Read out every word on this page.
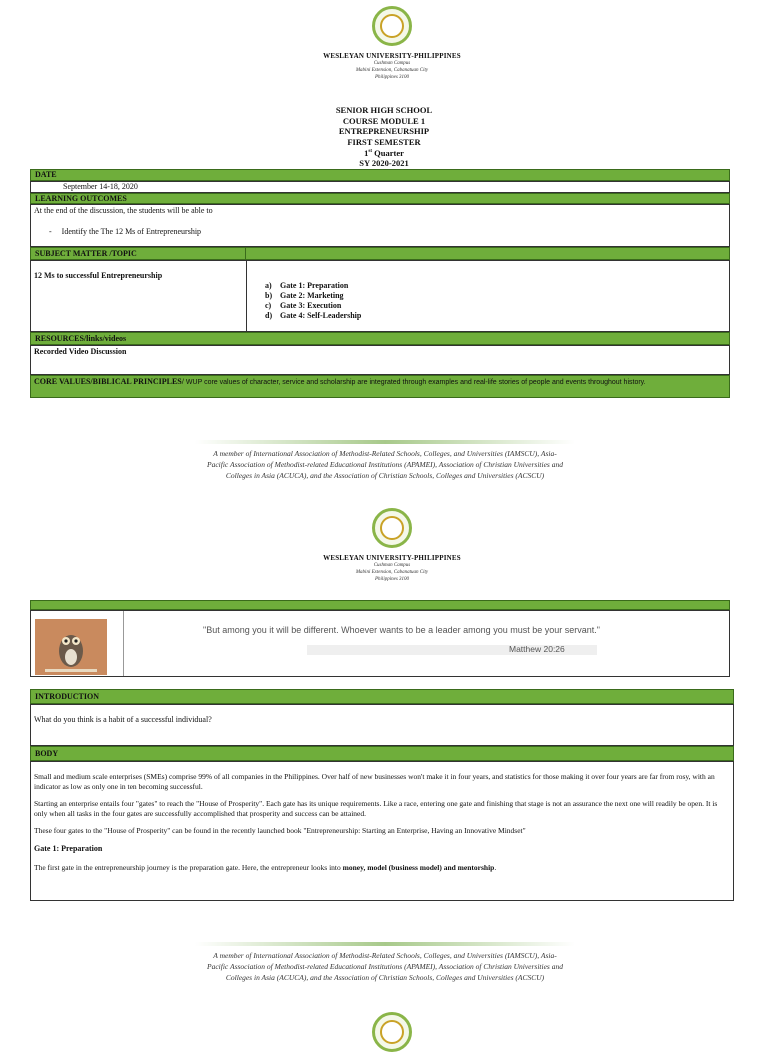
WESLEYAN UNIVERSITY-PHILIPPINES
Cushman Campus
Mabini Extension, Cabanatuan City
Philippines 3100
SENIOR HIGH SCHOOL
COURSE MODULE 1
ENTREPRENEURSHIP
FIRST SEMESTER
1st Quarter
SY 2020-2021
DATE
September 14-18, 2020
LEARNING OUTCOMES
At the end of the discussion, the students will be able to
- Identify the The 12 Ms of Entrepreneurship
SUBJECT MATTER /TOPIC
12 Ms to successful Entrepreneurship
a) Gate 1: Preparation
b) Gate 2: Marketing
c) Gate 3: Execution
d) Gate 4: Self-Leadership
RESOURCES/links/videos
Recorded Video Discussion
CORE VALUES/BIBLICAL PRINCIPLES/ WUP core values of character, service and scholarship are integrated through examples and real-life stories of people and events throughout history.
A member of International Association of Methodist-Related Schools, Colleges, and Universities (IAMSCU), Asia-
Pacific Association of Methodist-related Educational Institutions (APAMEI), Association of Christian Universities and
Colleges in Asia (ACUCA), and the Association of Christian Schools, Colleges and Universities (ACSCU)
WESLEYAN UNIVERSITY-PHILIPPINES
Cushman Campus
Mabini Extension, Cabanatuan City
Philippines 3100
"But among you it will be different. Whoever wants to be a leader among you must be your servant."
Matthew 20:26
INTRODUCTION
What do you think is a habit of a successful individual?
BODY
Small and medium scale enterprises (SMEs) comprise 99% of all companies in the Philippines. Over half of new businesses won't make it in four years, and statistics for those making it over four years are far from rosy, with an indicator as low as only one in ten becoming successful.
Starting an enterprise entails four "gates" to reach the "House of Prosperity". Each gate has its unique requirements. Like a race, entering one gate and finishing that stage is not an assurance the next one will readily be open. It is only when all tasks in the four gates are successfully accomplished that prosperity and success can be attained.
These four gates to the "House of Prosperity" can be found in the recently launched book "Entrepreneurship: Starting an Enterprise, Having an Innovative Mindset"
Gate 1: Preparation
The first gate in the entrepreneurship journey is the preparation gate. Here, the entrepreneur looks into money, model (business model) and mentorship.
A member of International Association of Methodist-Related Schools, Colleges, and Universities (IAMSCU), Asia-
Pacific Association of Methodist-related Educational Institutions (APAMEI), Association of Christian Universities and
Colleges in Asia (ACUCA), and the Association of Christian Schools, Colleges and Universities (ACSCU)
